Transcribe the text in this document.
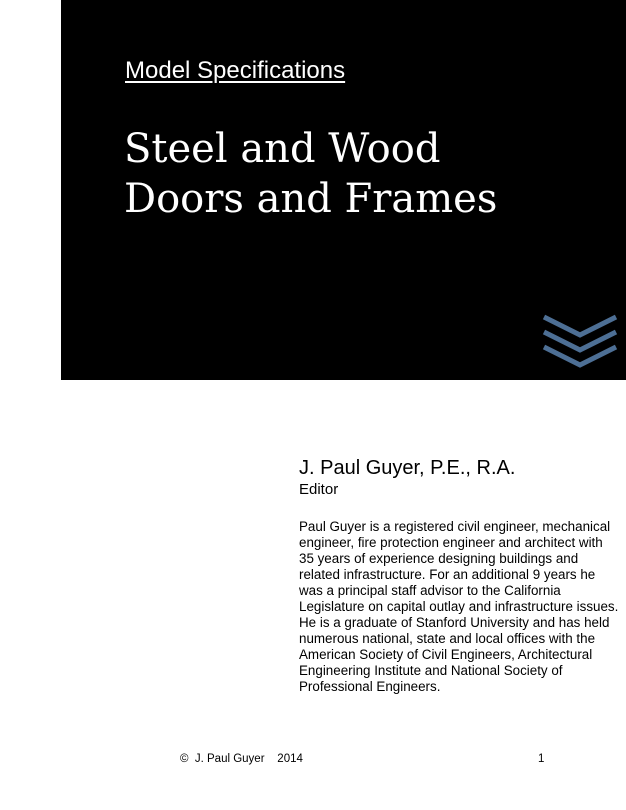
Model Specifications
Steel and Wood
Doors and Frames

J. Paul Guyer, P.E., R.A.

Editor

Paul Guyer is a registered civil engineer, mechanical engineer, fire protection engineer and architect with 35 years of experience designing buildings and related infrastructure. For an additional 9 years he was a principal staff advisor to the California Legislature on capital outlay and infrastructure issues. He is a graduate of Stanford University and has held numerous national, state and local offices with the American Society of Civil Engineers, Architectural Engineering Institute and National Society of Professional Engineers.

©  J. Paul Guyer    2014	1
